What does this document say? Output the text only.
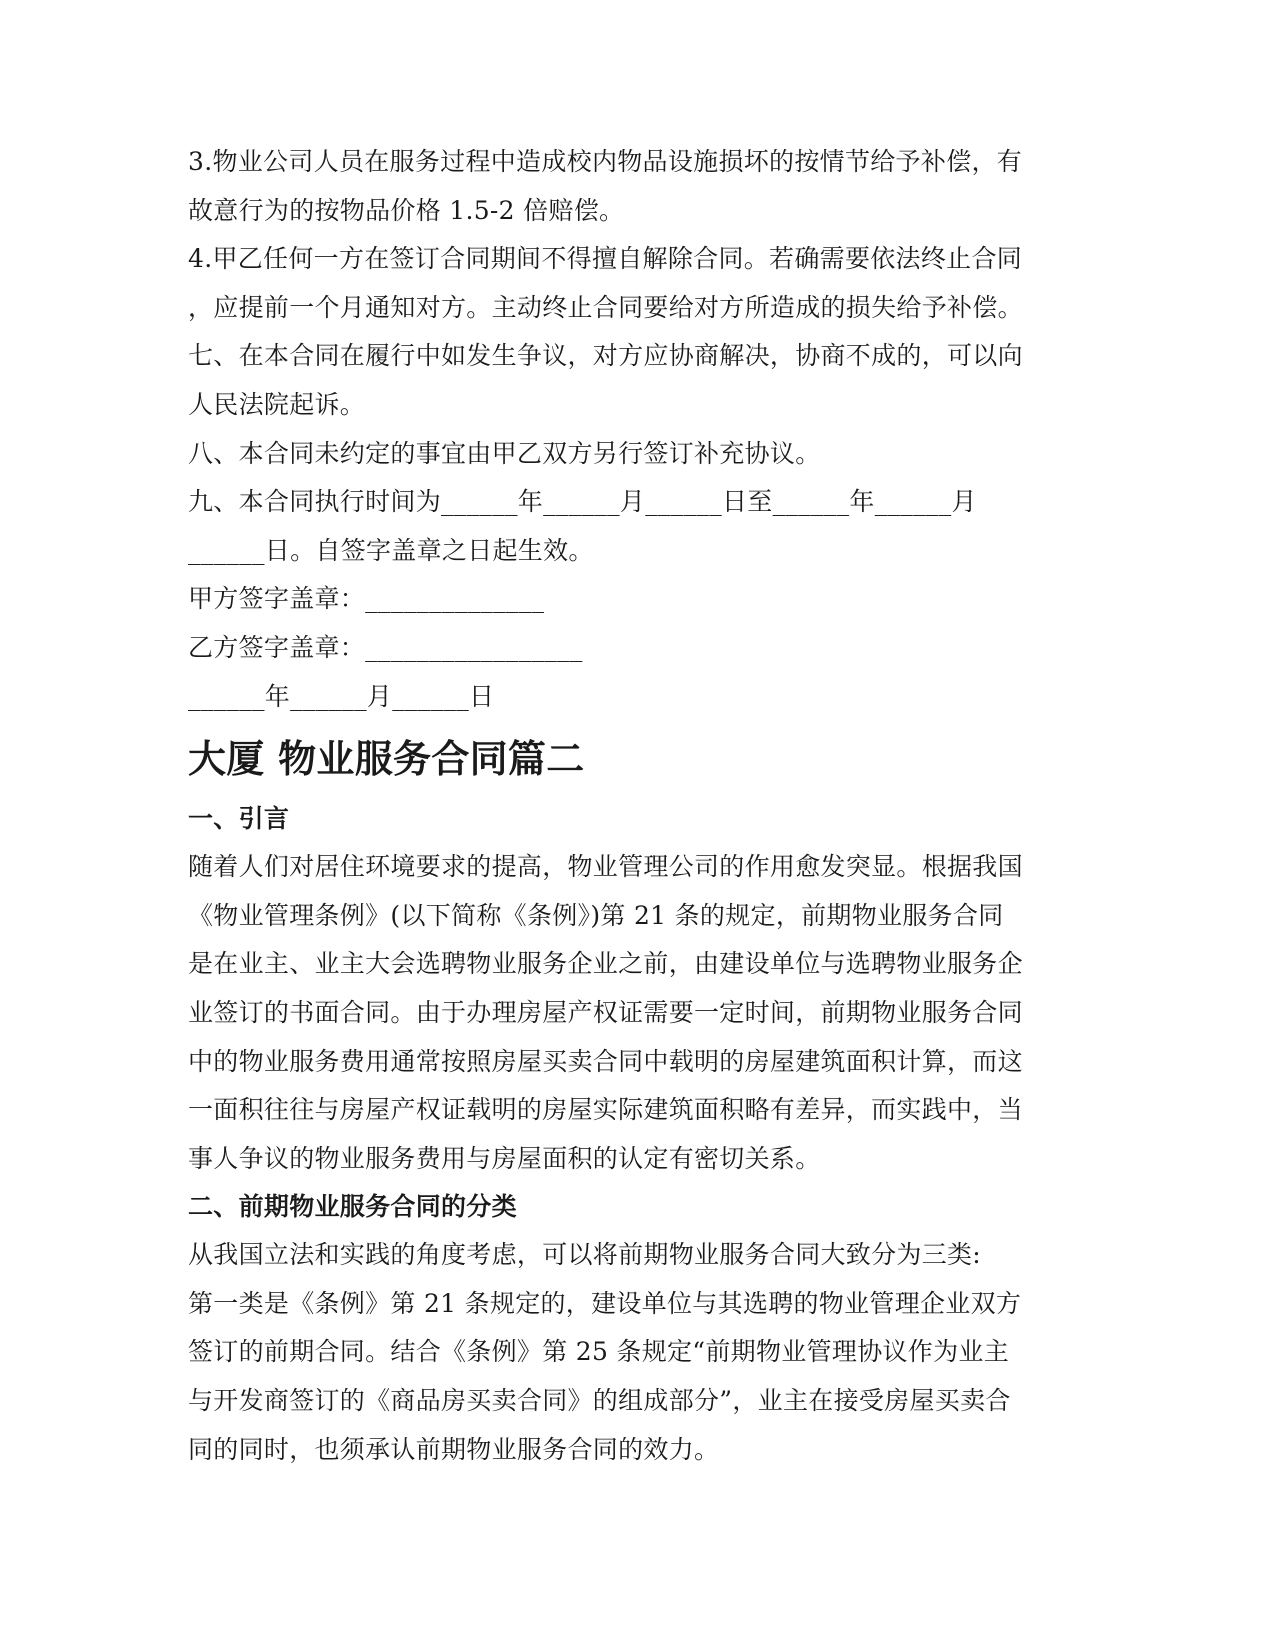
3.物业公司人员在服务过程中造成校内物品设施损坏的按情节给予补偿，有
故意行为的按物品价格 1.5-2 倍赔偿。
4.甲乙任何一方在签订合同期间不得擅自解除合同。若确需要依法终止合同
，应提前一个月通知对方。主动终止合同要给对方所造成的损失给予补偿。
七、在本合同在履行中如发生争议，对方应协商解决，协商不成的，可以向
人民法院起诉。
八、本合同未约定的事宜由甲乙双方另行签订补充协议。
九、本合同执行时间为______年______月______日至______年______月
______日。自签字盖章之日起生效。
甲方签字盖章：______________
乙方签字盖章：_________________
______年______月______日
大厦 物业服务合同篇二
一、引言
随着人们对居住环境要求的提高，物业管理公司的作用愈发突显。根据我国
《物业管理条例》(以下简称《条例》)第 21 条的规定，前期物业服务合同
是在业主、业主大会选聘物业服务企业之前，由建设单位与选聘物业服务企
业签订的书面合同。由于办理房屋产权证需要一定时间，前期物业服务合同
中的物业服务费用通常按照房屋买卖合同中载明的房屋建筑面积计算，而这
一面积往往与房屋产权证载明的房屋实际建筑面积略有差异，而实践中，当
事人争议的物业服务费用与房屋面积的认定有密切关系。
二、前期物业服务合同的分类
从我国立法和实践的角度考虑，可以将前期物业服务合同大致分为三类:
第一类是《条例》第 21 条规定的，建设单位与其选聘的物业管理企业双方
签订的前期合同。结合《条例》第 25 条规定“前期物业管理协议作为业主
与开发商签订的《商品房买卖合同》的组成部分”，业主在接受房屋买卖合
同的同时，也须承认前期物业服务合同的效力。
